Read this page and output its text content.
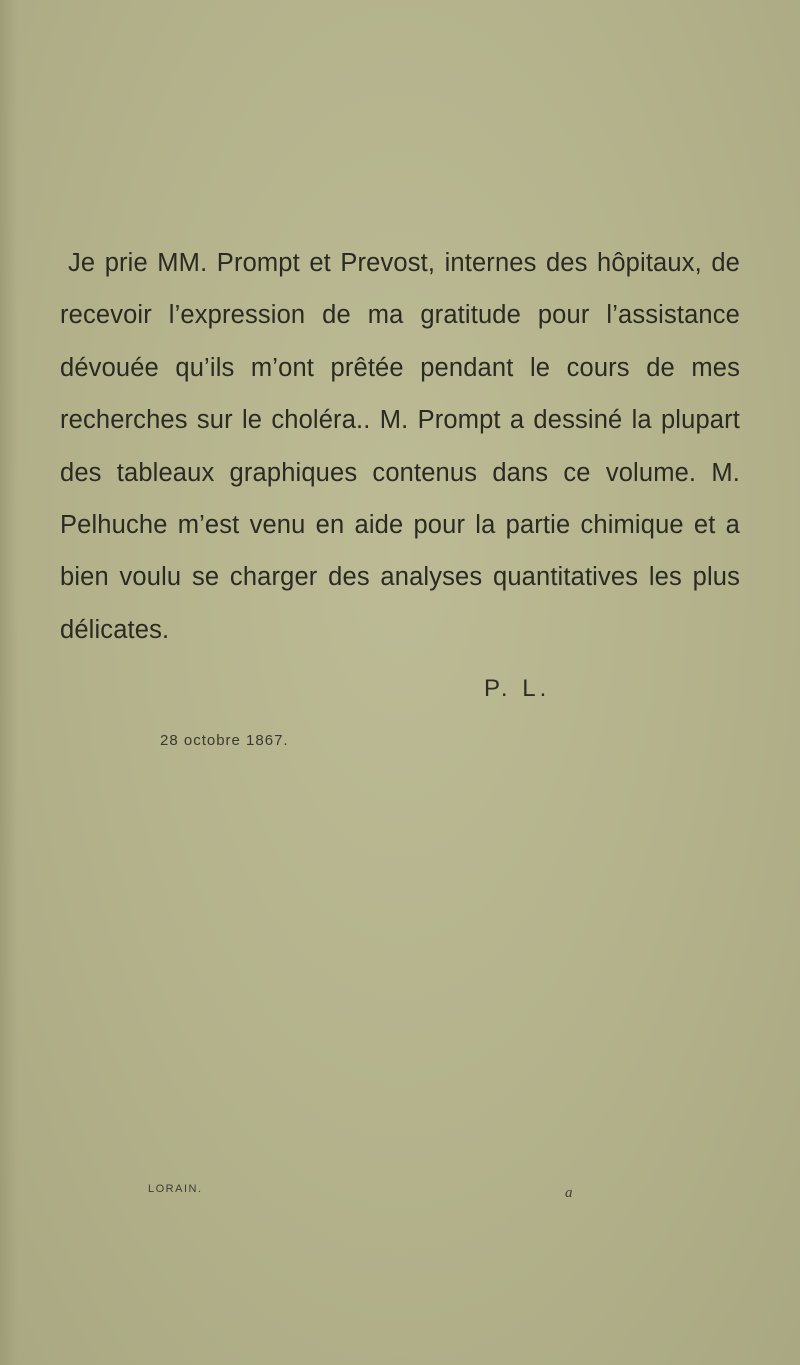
Je prie MM. Prompt et Prevost, internes des hôpitaux, de recevoir l’expression de ma gratitude pour l’assistance dévouée qu’ils m’ont prêtée pendant le cours de mes recherches sur le choléra.. M. Prompt a dessiné la plupart des tableaux graphiques contenus dans ce volume. M. Pelhuche m’est venu en aide pour la partie chimique et a bien voulu se charger des analyses quantitatives les plus délicates.

P. L.
28 octobre 1867.
LORAIN.	a
